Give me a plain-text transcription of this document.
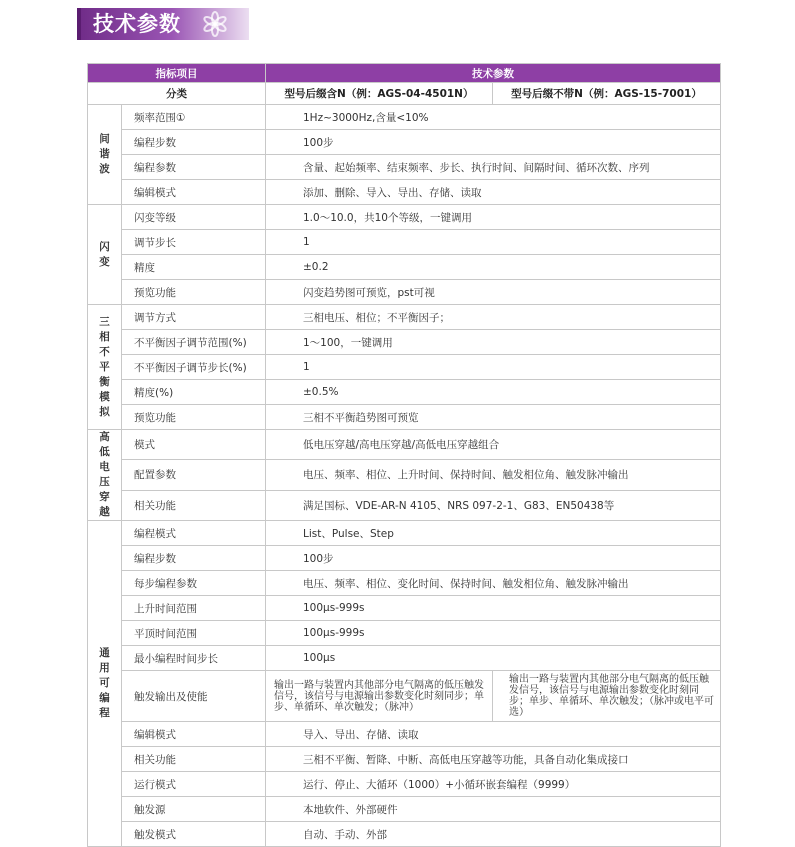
技术参数
指标项目		技术参数	
分类		型号后缀含N（例：AGS-04-4501N）	型号后缀不带N（例：AGS-15-7001）
间谐波	频率范围①	1Hz~3000Hz,含量<10%	
	编程步数	100步	
	编程参数	含量、起始频率、结束频率、步长、执行时间、间隔时间、循环次数、序列	
	编辑模式	添加、删除、导入、导出、存储、读取	
闪变	闪变等级	1.0～10.0，共10个等级，一键调用	
	调节步长	1	
	精度	±0.2	
	预览功能	闪变趋势图可预览，pst可视	
三相不平衡模拟	调节方式	三相电压、相位；不平衡因子；	
	不平衡因子调节范围(%)	1～100，一键调用	
	不平衡因子调节步长(%)	1	
	精度(%)	±0.5%	
	预览功能	三相不平衡趋势图可预览	
高低电压穿越	模式	低电压穿越/高电压穿越/高低电压穿越组合	
	配置参数	电压、频率、相位、上升时间、保持时间、触发相位角、触发脉冲输出	
	相关功能	满足国标、VDE-AR-N 4105、NRS 097-2-1、G83、EN50438等	
通用可编程	编程模式	List、Pulse、Step	
	编程步数	100步	
	每步编程参数	电压、频率、相位、变化时间、保持时间、触发相位角、触发脉冲输出	
	上升时间范围	100μs-999s	
	平顶时间范围	100μs-999s	
	最小编程时间步长	100μs	
	触发输出及使能	输出一路与装置内其他部分电气隔离的低压触发信号，该信号与电源输出参数变化时刻同步；单步、单循环、单次触发；（脉冲）	输出一路与装置内其他部分电气隔离的低压触发信号，该信号与电源输出参数变化时刻同步；单步、单循环、单次触发；（脉冲或电平可选）
	编辑模式	导入、导出、存储、读取	
	相关功能	三相不平衡、暂降、中断、高低电压穿越等功能，具备自动化集成接口	
	运行模式	运行、停止、大循环（1000）+小循环嵌套编程（9999）	
	触发源	本地软件、外部硬件	
	触发模式	自动、手动、外部	
